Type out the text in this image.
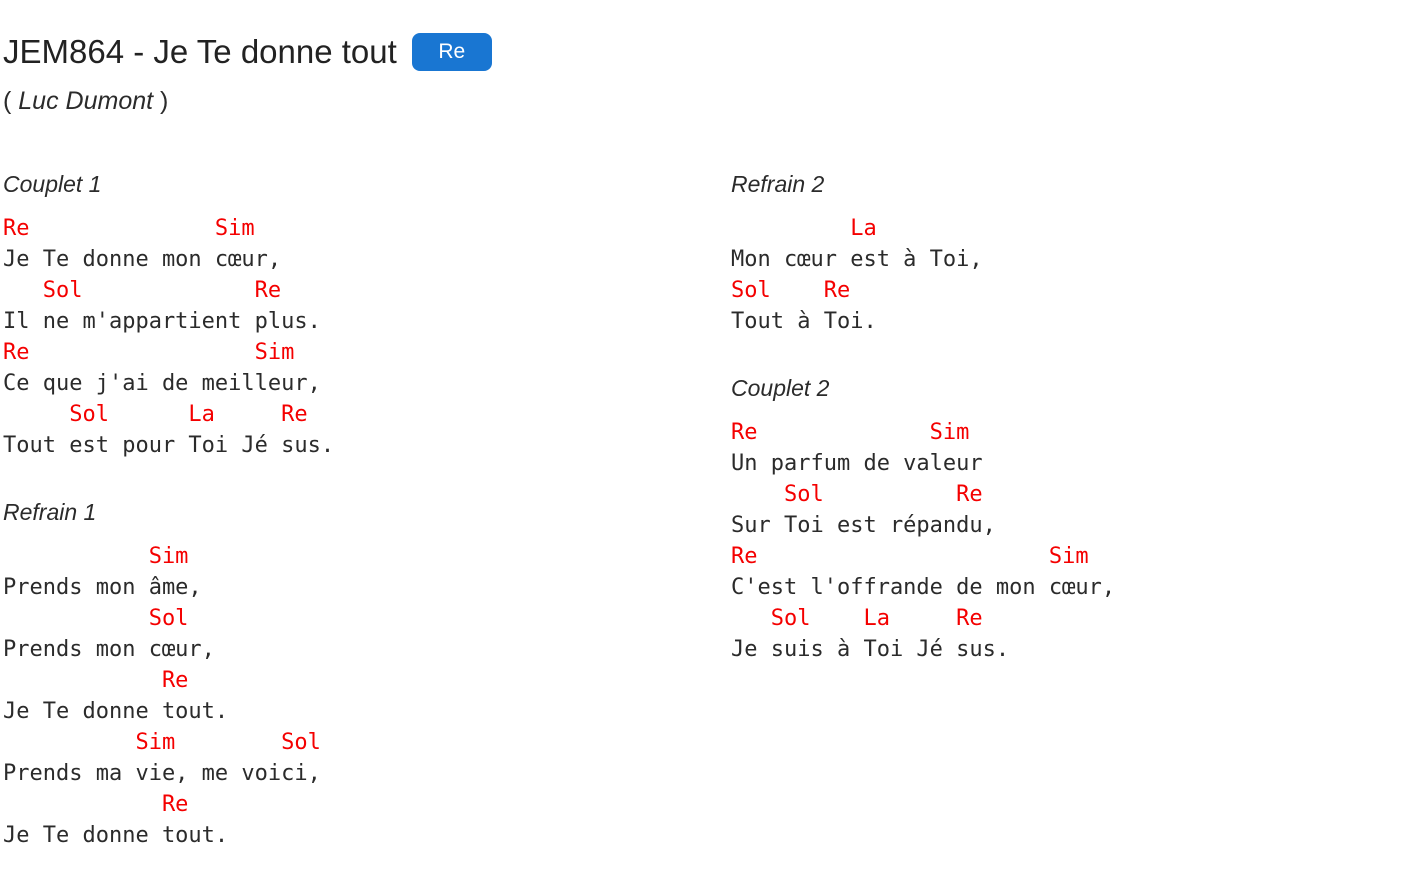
JEM864 - Je Te donne tout	Re
( Luc Dumont )
Couplet 1
Re              Sim
Je Te donne mon cœur,
Sol             Re
Il ne m'appartient plus.
Re                 Sim
Ce que j'ai de meilleur,
Sol      La     Re
Tout est pour Toi Jé sus.
Refrain 1
Sim
Prends mon âme,
Sol
Prends mon cœur,
Re
Je Te donne tout.
Sim        Sol
Prends ma vie, me voici,
Re
Je Te donne tout.
Refrain 2
La
Mon cœur est à Toi,
Sol    Re
Tout à Toi.
Couplet 2
Re             Sim
Un parfum de valeur
Sol          Re
Sur Toi est répandu,
Re                      Sim
C'est l'offrande de mon cœur,
Sol    La     Re
Je suis à Toi Jé sus.
